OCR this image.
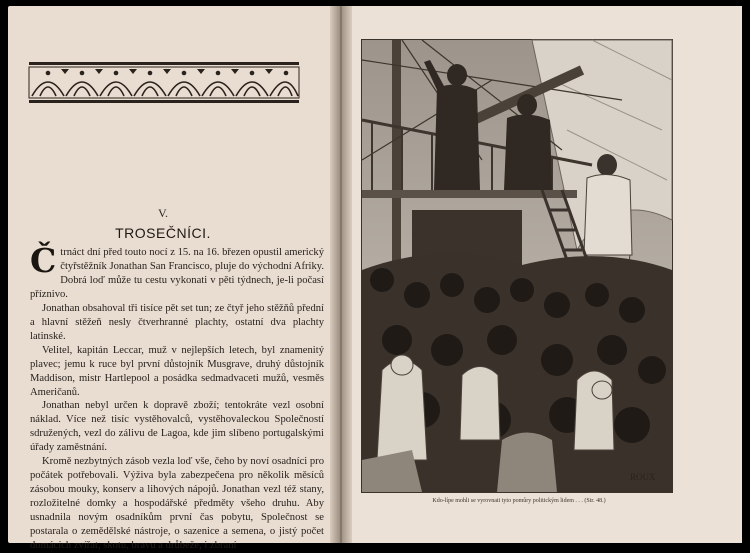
V.
TROSEČNÍCI.

Č trnáct dní před touto nocí z 15. na 16. březen opustil americký čtyřstěžník Jonathan San Francisco, pluje do východní Afriky. Dobrá loď může tu cestu vykonati v pěti týdnech, je-li počasí příznivo.

Jonathan obsahoval tři tisíce pět set tun; ze čtyř jeho stěžňů přední a hlavní stěžeň nesly čtverhranné plachty, ostatní dva plachty latinské.

Velitel, kapitán Leccar, muž v nejlepších letech, byl znamenitý plavec; jemu k ruce byl první důstojník Musgrave, druhý důstojník Maddison, mistr Hartlepool a posádka sedmadvaceti mužů, vesměs Američanů.

Jonathan nebyl určen k dopravě zboží; tentokráte vezl osobní náklad. Více než tisíc vystěhovalců, vystěhovaleckou Společností sdružených, vezl do zálivu de Lagoa, kde jim slíbeno portugalskými úřady zaměstnání.

Kromě nezbytných zásob vezla loď vše, čeho by noví osadníci pro počátek potřebovali. Výživa byla zabezpečena pro několik měsíců zásobou mouky, konserv a lihových nápojů. Jonathan vezl též stany, rozložitelné domky a hospodářské předměty všeho druhu. Aby usnadnila novým osadníkům první čas pobytu, Společnost se postarala o zemědělské nástroje, o sazenice a semena, o jistý počet domácích zvířat, skotu, bravu a drůbeže, i zbraní

ROUX
Kdo-lípe mohli se vyrovnati tyto pomůry politickým lidem . . . (Str. 48.)
